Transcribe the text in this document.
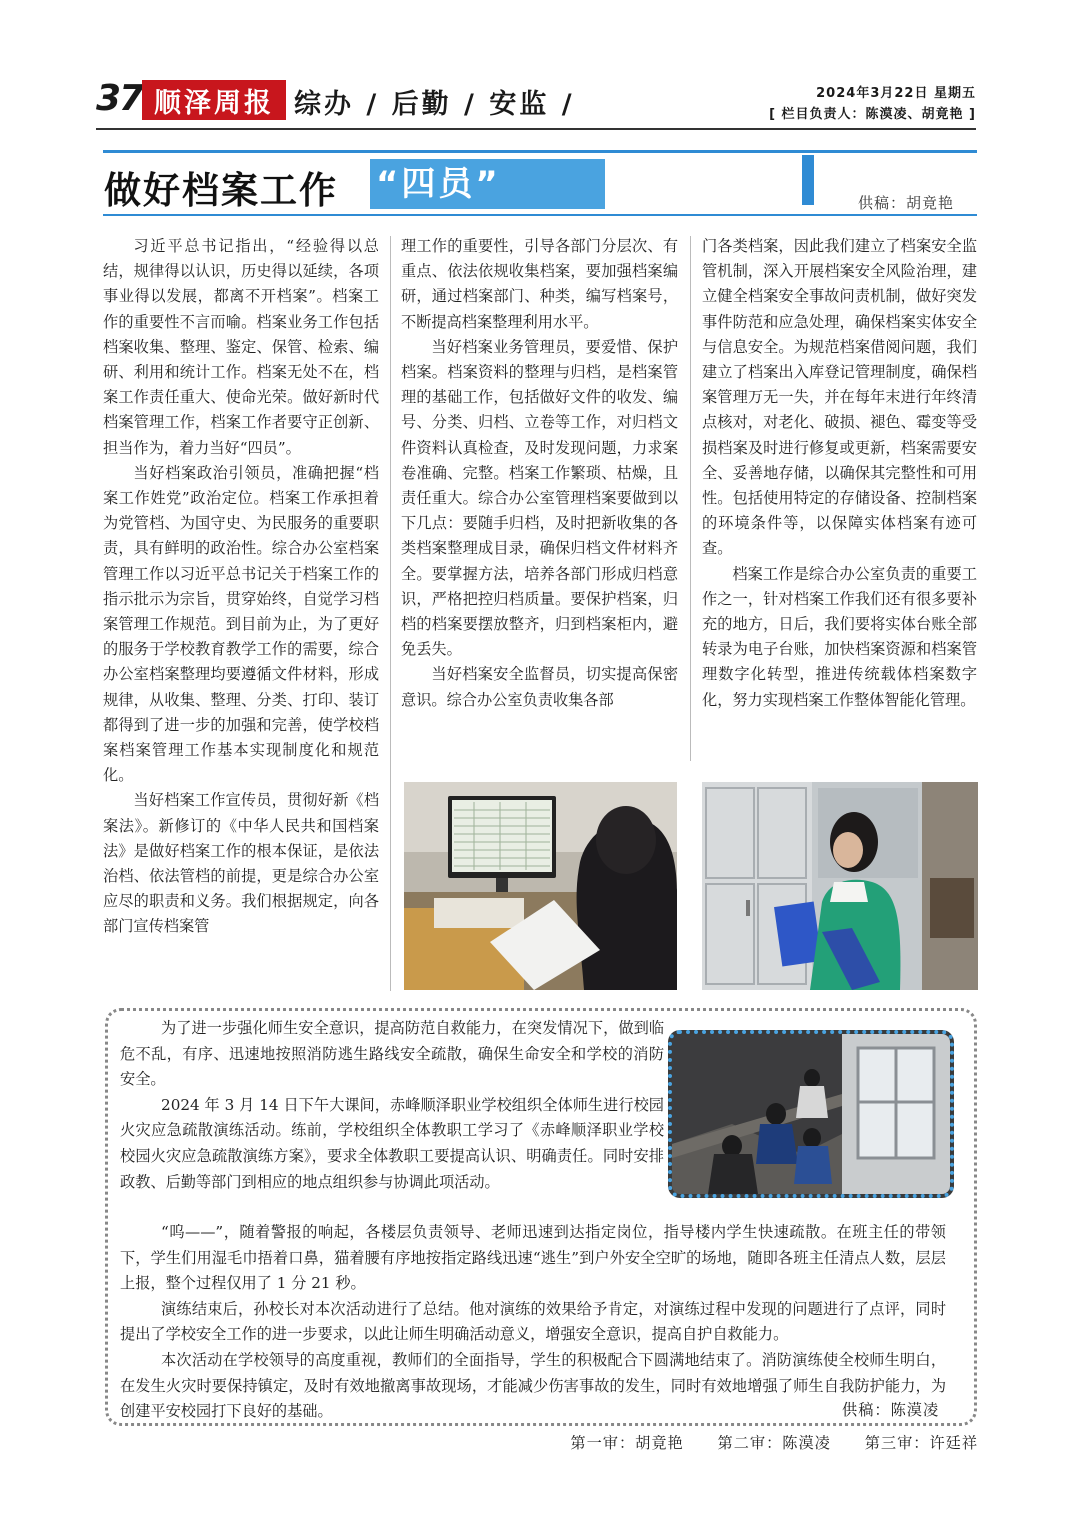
37 顺泽周报 综办 / 后勤 / 安监 /	2024年3月22日 星期五
[ 栏目负责人：陈漠凌、胡竟艳 ]
做好档案工作 “四员”	供稿：胡竟艳

习近平总书记指出，“经验得以总结，规律得以认识，历史得以延续，各项事业得以发展，都离不开档案”。档案工作的重要性不言而喻。档案业务工作包括档案收集、整理、鉴定、保管、检索、编研、利用和统计工作。档案无处不在，档案工作责任重大、使命光荣。做好新时代档案管理工作，档案工作者要守正创新、担当作为，着力当好“四员”。

当好档案政治引领员，准确把握“档案工作姓党”政治定位。档案工作承担着为党管档、为国守史、为民服务的重要职责，具有鲜明的政治性。综合办公室档案管理工作以习近平总书记关于档案工作的指示批示为宗旨，贯穿始终，自觉学习档案管理工作规范。到目前为止，为了更好的服务于学校教育教学工作的需要，综合办公室档案整理均要遵循文件材料，形成规律，从收集、整理、分类、打印、装订都得到了进一步的加强和完善，使学校档案档案管理工作基本实现制度化和规范化。

当好档案工作宣传员，贯彻好新《档案法》。新修订的《中华人民共和国档案法》是做好档案工作的根本保证，是依法治档、依法管档的前提，更是综合办公室应尽的职责和义务。我们根据规定，向各部门宣传档案管

理工作的重要性，引导各部门分层次、有重点、依法依规收集档案，要加强档案编研，通过档案部门、种类，编写档案号，不断提高档案整理利用水平。

当好档案业务管理员，要爱惜、保护档案。档案资料的整理与归档，是档案管理的基础工作，包括做好文件的收发、编号、分类、归档、立卷等工作，对归档文件资料认真检查，及时发现问题，力求案卷准确、完整。档案工作繁琐、枯燥，且责任重大。综合办公室管理档案要做到以下几点：要随手归档，及时把新收集的各类档案整理成目录，确保归档文件材料齐全。要掌握方法，培养各部门形成归档意识，严格把控归档质量。要保护档案，归档的档案要摆放整齐，归到档案柜内，避免丢失。

当好档案安全监督员，切实提高保密意识。综合办公室负责收集各部

门各类档案，因此我们建立了档案安全监管机制，深入开展档案安全风险治理，建立健全档案安全事故问责机制，做好突发事件防范和应急处理，确保档案实体安全与信息安全。为规范档案借阅问题，我们建立了档案出入库登记管理制度，确保档案管理万无一失，并在每年末进行年终清点核对，对老化、破损、褪色、霉变等受损档案及时进行修复或更新，档案需要安全、妥善地存储，以确保其完整性和可用性。包括使用特定的存储设备、控制档案的环境条件等，以保障实体档案有迹可查。

档案工作是综合办公室负责的重要工作之一，针对档案工作我们还有很多要补充的地方，日后，我们要将实体台账全部转录为电子台账，加快档案资源和档案管理数字化转型，推进传统载体档案数字化，努力实现档案工作整体智能化管理。

为了进一步强化师生安全意识，提高防范自救能力，在突发情况下，做到临危不乱，有序、迅速地按照消防逃生路线安全疏散，确保生命安全和学校的消防安全。

2024 年 3 月 14 日下午大课间，赤峰顺泽职业学校组织全体师生进行校园火灾应急疏散演练活动。练前，学校组织全体教职工学习了《赤峰顺泽职业学校校园火灾应急疏散演练方案》，要求全体教职工要提高认识、明确责任。同时安排政教、后勤等部门到相应的地点组织参与协调此项活动。

“呜——”，随着警报的响起，各楼层负责领导、老师迅速到达指定岗位，指导楼内学生快速疏散。在班主任的带领下，学生们用湿毛巾捂着口鼻，猫着腰有序地按指定路线迅速“逃生”到户外安全空旷的场地，随即各班主任清点人数，层层上报，整个过程仅用了 1 分 21 秒。

演练结束后，孙校长对本次活动进行了总结。他对演练的效果给予肯定，对演练过程中发现的问题进行了点评，同时提出了学校安全工作的进一步要求，以此让师生明确活动意义，增强安全意识，提高自护自救能力。

本次活动在学校领导的高度重视，教师们的全面指导，学生的积极配合下圆满地结束了。消防演练使全校师生明白，在发生火灾时要保持镇定，及时有效地撤离事故现场，才能减少伤害事故的发生，同时有效地增强了师生自我防护能力，为创建平安校园打下良好的基础。	供稿：陈漠凌
第一审：胡竟艳 第二审：陈漠凌 第三审：许廷祥
